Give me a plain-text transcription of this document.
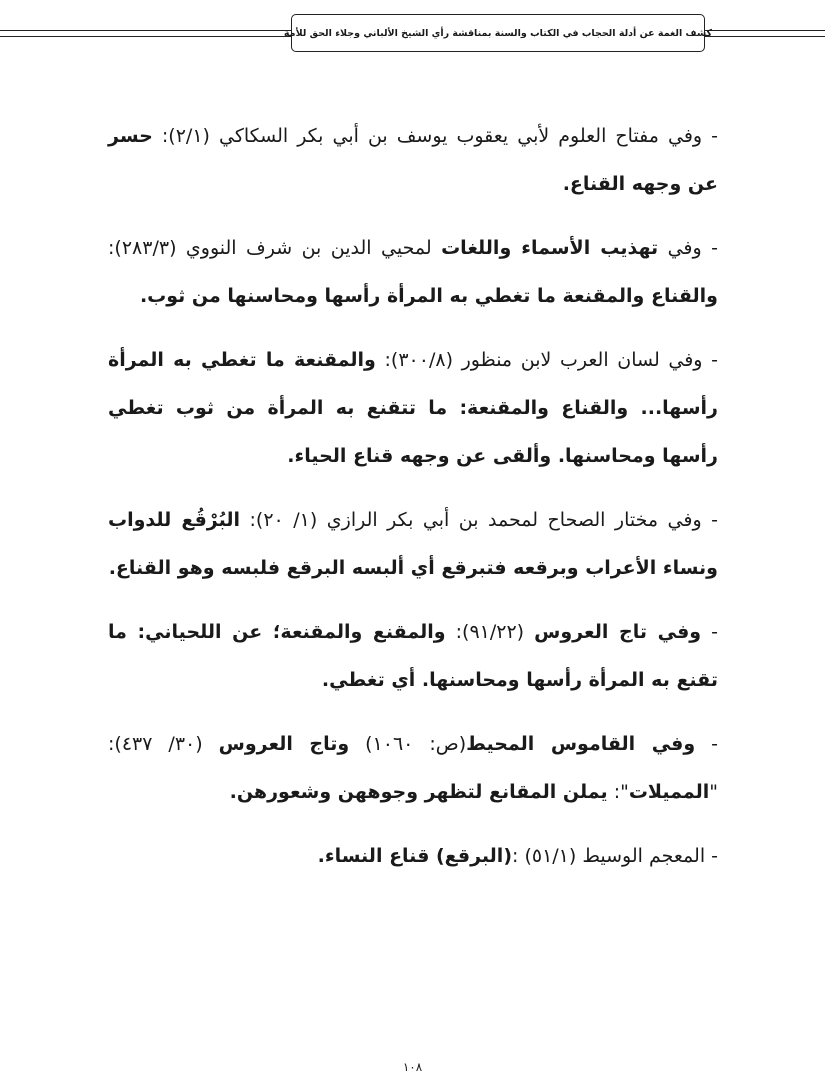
كشف الغمة عن أدلة الحجاب في الكتاب والسنة بمناقشة رأي الشيخ الألباني وجلاء الحق للأمة

- وفي مفتاح العلوم لأبي يعقوب يوسف بن أبي بكر السكاكي (٢/١): حسر عن وجهه القناع.

- وفي تهذيب الأسماء واللغات لمحيي الدين بن شرف النووي (٢٨٣/٣): والقناع والمقنعة ما تغطي به المرأة رأسها ومحاسنها من ثوب.

- وفي لسان العرب لابن منظور (٣٠٠/٨): والمقنعة ما تغطي به المرأة رأسها... والقناع والمقنعة: ما تتقنع به المرأة من ثوب تغطي رأسها ومحاسنها. وألقى عن وجهه قناع الحياء.

- وفي مختار الصحاح لمحمد بن أبي بكر الرازي (١/ ٢٠): البُرْقُع للدواب ونساء الأعراب وبرقعه فتبرقع أي ألبسه البرقع فلبسه وهو القناع.

- وفي تاج العروس (٩١/٢٢): والمقنع والمقنعة؛ عن اللحياني: ما تقنع به المرأة رأسها ومحاسنها. أي تغطي.

- وفي القاموس المحيط(ص: ١٠٦٠) وتاج العروس (٣٠/ ٤٣٧): "المميلات": يملن المقانع لتظهر وجوههن وشعورهن.

- المعجم الوسيط (٥١/١) :(البرقع) قناع النساء.

١٠٨
